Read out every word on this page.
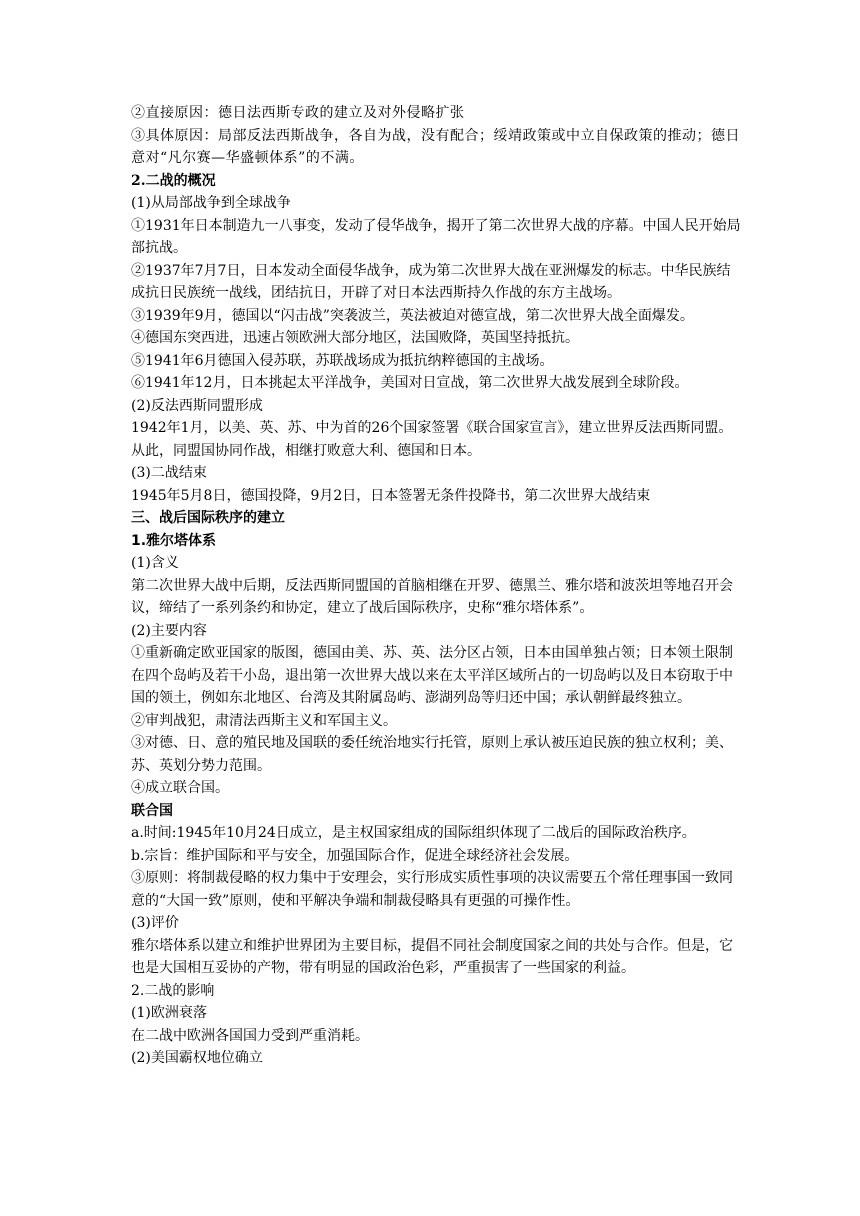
②直接原因：德日法西斯专政的建立及对外侵略扩张

③具体原因：局部反法西斯战争，各自为战，没有配合；绥靖政策或中立自保政策的推动；德日意对“凡尔赛—华盛顿体系”的不满。

2.二战的概况

(1)从局部战争到全球战争

①1931年日本制造九一八事变，发动了侵华战争，揭开了第二次世界大战的序幕。中国人民开始局部抗战。

②1937年7月7日，日本发动全面侵华战争，成为第二次世界大战在亚洲爆发的标志。中华民族结成抗日民族统一战线，团结抗日，开辟了对日本法西斯持久作战的东方主战场。

③1939年9月，德国以“闪击战”突袭波兰，英法被迫对德宣战，第二次世界大战全面爆发。

④德国东突西进，迅速占领欧洲大部分地区，法国败降，英国坚持抵抗。

⑤1941年6月德国入侵苏联，苏联战场成为抵抗纳粹德国的主战场。

⑥1941年12月，日本挑起太平洋战争，美国对日宣战，第二次世界大战发展到全球阶段。

(2)反法西斯同盟形成

1942年1月，以美、英、苏、中为首的26个国家签署《联合国家宣言》，建立世界反法西斯同盟。从此，同盟国协同作战，相继打败意大利、德国和日本。

(3)二战结束

1945年5月8日，德国投降，9月2日，日本签署无条件投降书，第二次世界大战结束

三、战后国际秩序的建立

1.雅尔塔体系

(1)含义

第二次世界大战中后期，反法西斯同盟国的首脑相继在开罗、德黑兰、雅尔塔和波茨坦等地召开会议，缔结了一系列条约和协定，建立了战后国际秩序，史称“雅尔塔体系”。

(2)主要内容

①重新确定欧亚国家的版图，德国由美、苏、英、法分区占领，日本由国单独占领；日本领土限制在四个岛屿及若干小岛，退出第一次世界大战以来在太平洋区域所占的一切岛屿以及日本窃取于中国的领土，例如东北地区、台湾及其附属岛屿、澎湖列岛等归还中国；承认朝鲜最终独立。

②审判战犯，肃清法西斯主义和军国主义。

③对德、日、意的殖民地及国联的委任统治地实行托管，原则上承认被压迫民族的独立权利；美、苏、英划分势力范围。

④成立联合国。

联合国

a.时间:1945年10月24日成立，是主权国家组成的国际组织体现了二战后的国际政治秩序。

b.宗旨：维护国际和平与安全，加强国际合作，促进全球经济社会发展。

③原则：将制裁侵略的权力集中于安理会，实行形成实质性事项的决议需要五个常任理事国一致同意的“大国一致”原则，使和平解决争端和制裁侵略具有更强的可操作性。

(3)评价

雅尔塔体系以建立和维护世界团为主要目标，提倡不同社会制度国家之间的共处与合作。但是，它也是大国相互妥协的产物，带有明显的国政治色彩，严重损害了一些国家的利益。

2.二战的影响

(1)欧洲衰落

在二战中欧洲各国国力受到严重消耗。

(2)美国霸权地位确立
